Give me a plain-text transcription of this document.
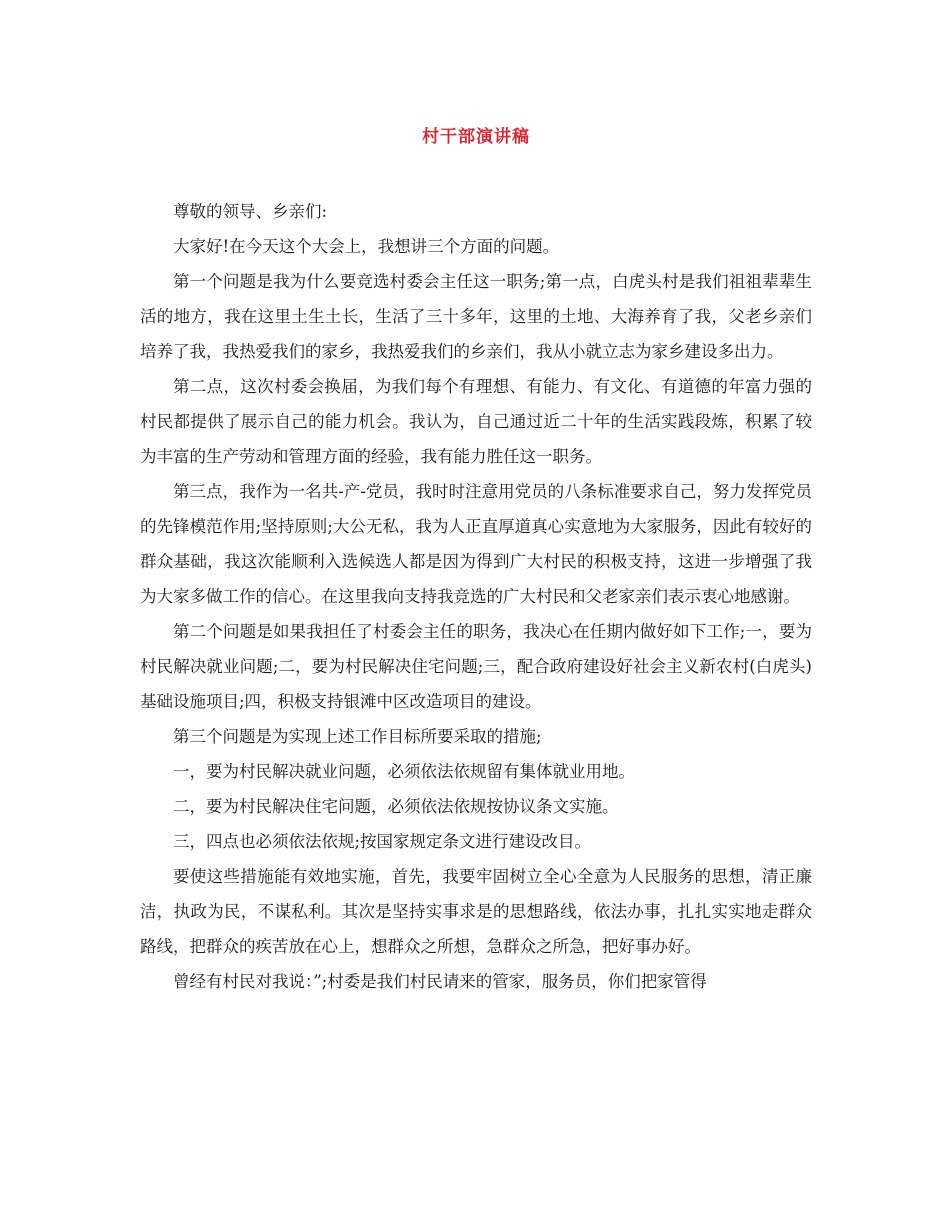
村干部演讲稿

尊敬的领导、乡亲们:

大家好!在今天这个大会上，我想讲三个方面的问题。

第一个问题是我为什么要竞选村委会主任这一职务;第一点，白虎头村是我们祖祖辈辈生活的地方，我在这里土生土长，生活了三十多年，这里的土地、大海养育了我，父老乡亲们培养了我，我热爱我们的家乡，我热爱我们的乡亲们，我从小就立志为家乡建设多出力。

第二点，这次村委会换届，为我们每个有理想、有能力、有文化、有道德的年富力强的村民都提供了展示自己的能力机会。我认为，自己通过近二十年的生活实践段炼，积累了较为丰富的生产劳动和管理方面的经验，我有能力胜任这一职务。

第三点，我作为一名共-产-党员，我时时注意用党员的八条标准要求自己，努力发挥党员的先锋模范作用;坚持原则;大公无私，我为人正直厚道真心实意地为大家服务，因此有较好的群众基础，我这次能顺利入选候选人都是因为得到广大村民的积极支持，这进一步增强了我为大家多做工作的信心。在这里我向支持我竞选的广大村民和父老家亲们表示衷心地感谢。

第二个问题是如果我担任了村委会主任的职务，我决心在任期内做好如下工作;一，要为村民解决就业问题;二，要为村民解决住宅问题;三，配合政府建设好社会主义新农村(白虎头)基础设施项目;四，积极支持银滩中区改造项目的建设。

第三个问题是为实现上述工作目标所要采取的措施;

一，要为村民解决就业问题，必须依法依规留有集体就业用地。

二，要为村民解决住宅问题，必须依法依规按协议条文实施。

三，四点也必须依法依规;按国家规定条文进行建设改目。

要使这些措施能有效地实施，首先，我要牢固树立全心全意为人民服务的思想，清正廉洁，执政为民，不谋私利。其次是坚持实事求是的思想路线，依法办事，扎扎实实地走群众路线，把群众的疾苦放在心上，想群众之所想，急群众之所急，把好事办好。

曾经有村民对我说：”;村委是我们村民请来的管家，服务员，你们把家管得
